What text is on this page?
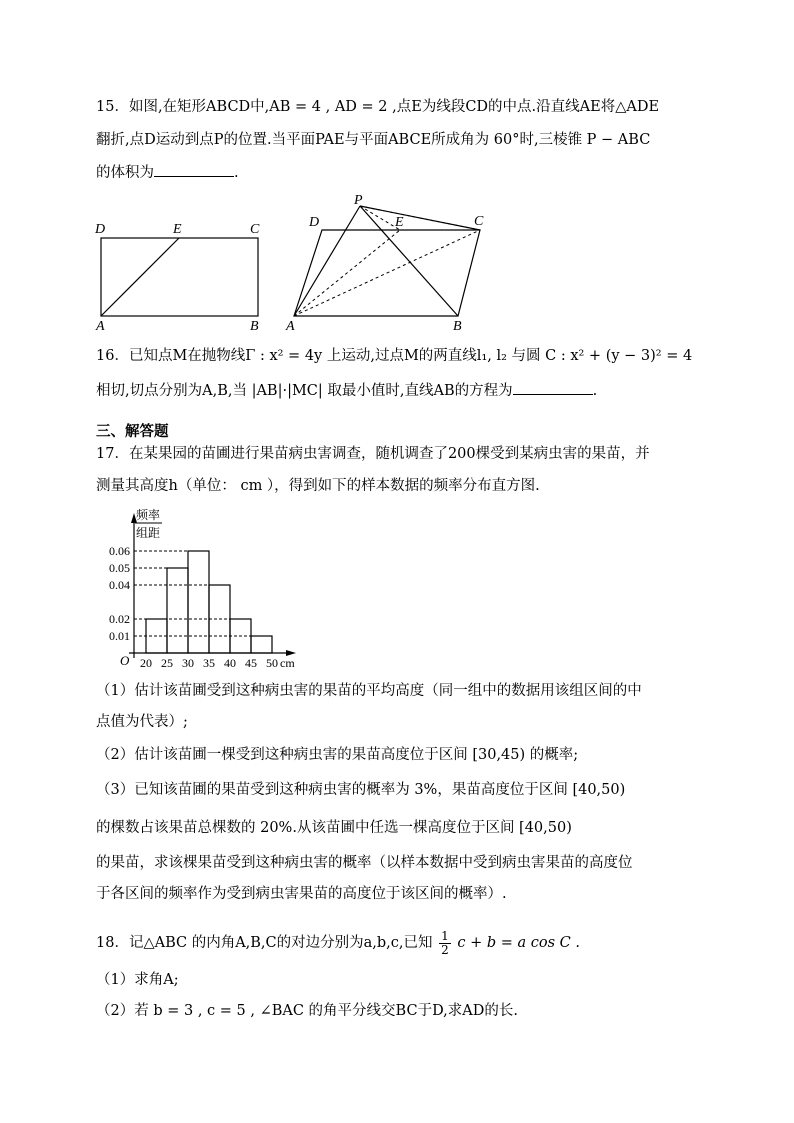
15．如图,在矩形ABCD中,AB = 4 , AD = 2 ,点E为线段CD的中点.沿直线AE将△ADE
翻折,点D运动到点P的位置.当平面PAE与平面ABCE所成角为 60°时,三棱锥 P − ABC
的体积为	.
D	E	C
A	B
P
D	E	C
A	B
16．已知点M在抛物线Γ : x² = 4y 上运动,过点M的两直线l₁, l₂ 与圆 C : x² + (y − 3)² = 4
相切,切点分别为A,B,当 |AB|·|MC| 取最小值时,直线AB的方程为	.
三、解答题
17．在某果园的苗圃进行果苗病虫害调查，随机调查了200棵受到某病虫害的果苗，并
测量其高度h（单位： cm ），得到如下的样本数据的频率分布直方图.
频率
组距
O	cm
0.06
0.05
0.04
0.02
0.01
20 25 30 35 40 45 50
（1）估计该苗圃受到这种病虫害的果苗的平均高度（同一组中的数据用该组区间的中
点值为代表）;
（2）估计该苗圃一棵受到这种病虫害的果苗高度位于区间 [30,45) 的概率;
（3）已知该苗圃的果苗受到这种病虫害的概率为 3%，果苗高度位于区间 [40,50)
的棵数占该果苗总棵数的 20%.从该苗圃中任选一棵高度位于区间 [40,50)
的果苗，求该棵果苗受到这种病虫害的概率（以样本数据中受到病虫害果苗的高度位
于各区间的频率作为受到病虫害果苗的高度位于该区间的概率）.
18．记△ABC 的内角A,B,C的对边分别为a,b,c,已知 $\frac{1}{2}$ c + b = a cos C .
（1）求角A;
（2）若 b = 3 , c = 5 , ∠BAC 的角平分线交BC于D,求AD的长.
